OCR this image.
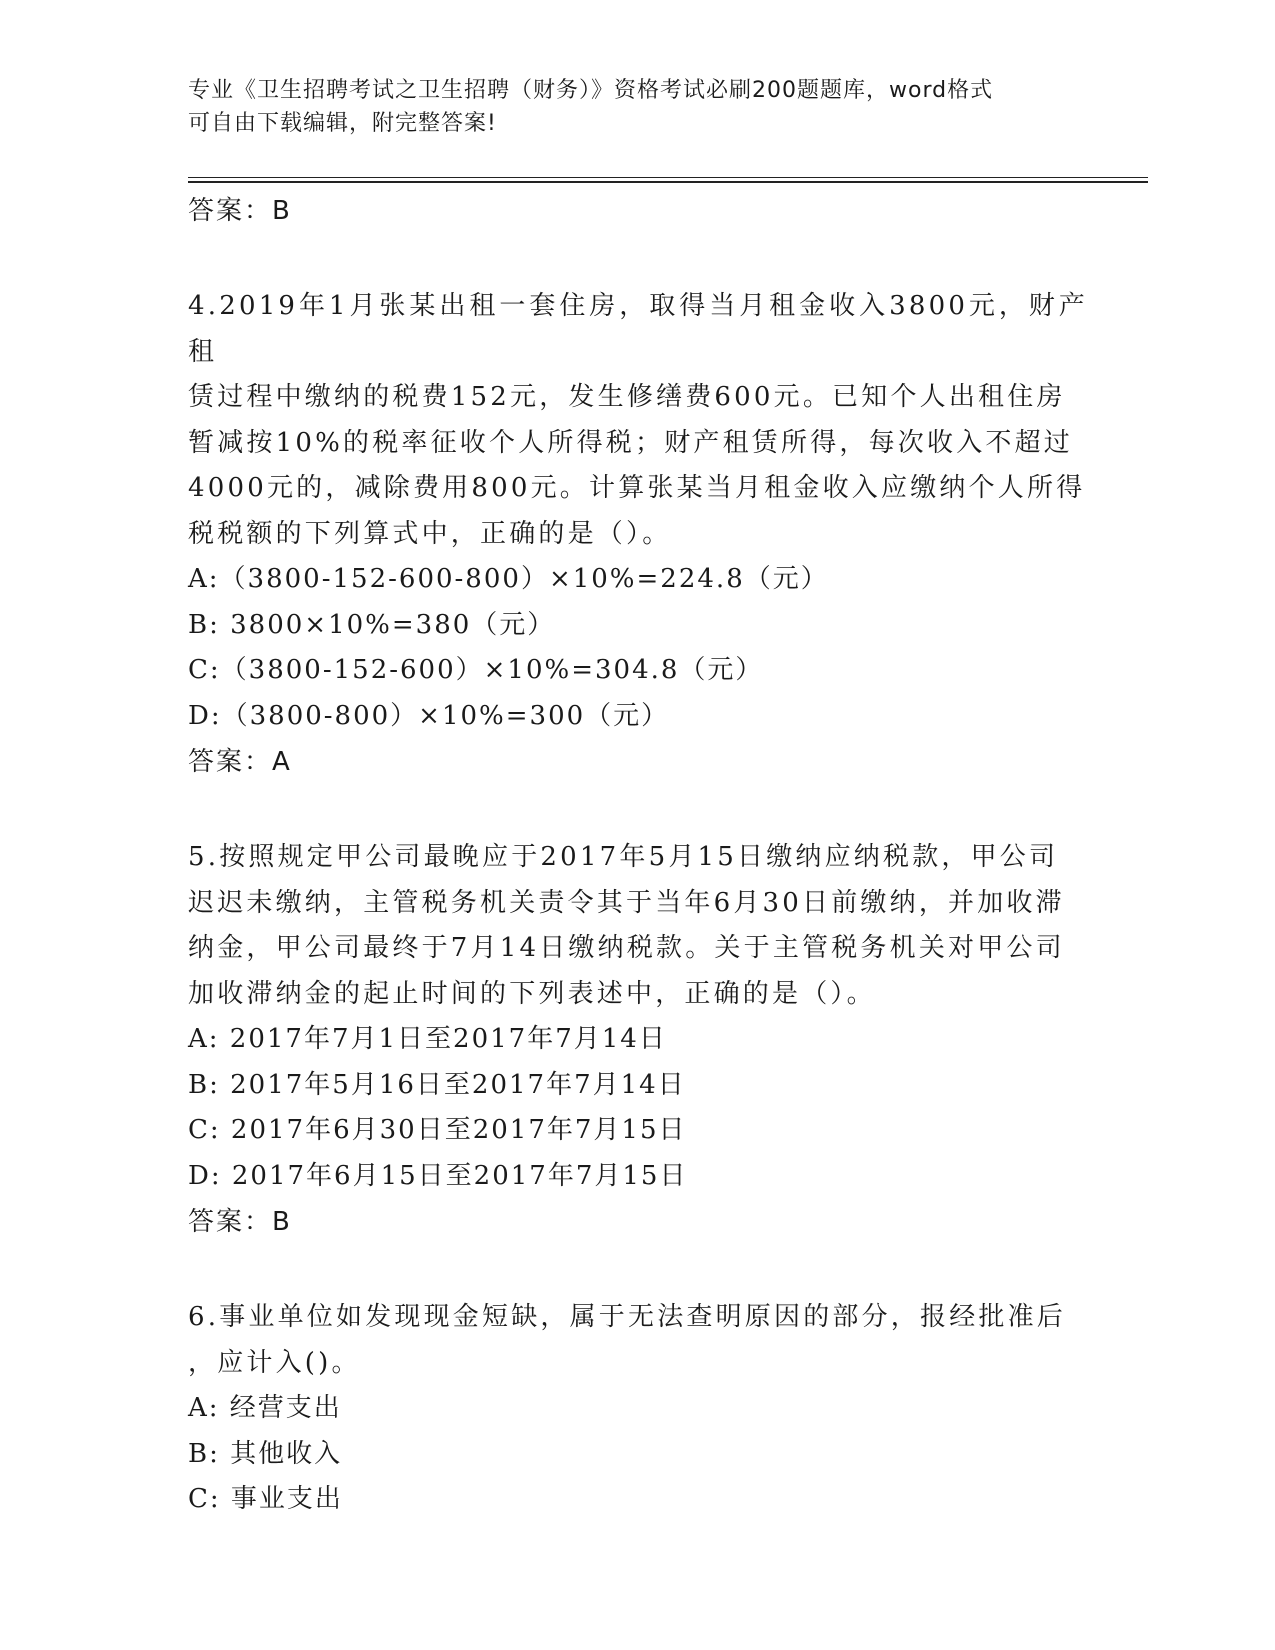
专业《卫生招聘考试之卫生招聘（财务）》资格考试必刷200题题库，word格式
可自由下载编辑，附完整答案!
答案：B
4.2019年1月张某出租一套住房，取得当月租金收入3800元，财产租
赁过程中缴纳的税费152元，发生修缮费600元。已知个人出租住房
暂减按10%的税率征收个人所得税；财产租赁所得，每次收入不超过
4000元的，减除费用800元。计算张某当月租金收入应缴纳个人所得
税税额的下列算式中，正确的是（）。
A:（3800-152-600-800）×10%=224.8（元）
B: 3800×10%=380（元）
C:（3800-152-600）×10%=304.8（元）
D:（3800-800）×10%=300（元）
答案：A
5.按照规定甲公司最晚应于2017年5月15日缴纳应纳税款，甲公司
迟迟未缴纳，主管税务机关责令其于当年6月30日前缴纳，并加收滞
纳金，甲公司最终于7月14日缴纳税款。关于主管税务机关对甲公司
加收滞纳金的起止时间的下列表述中，正确的是（）。
A: 2017年7月1日至2017年7月14日
B: 2017年5月16日至2017年7月14日
C: 2017年6月30日至2017年7月15日
D: 2017年6月15日至2017年7月15日
答案：B
6.事业单位如发现现金短缺，属于无法查明原因的部分，报经批准后
，应计入()。
A: 经营支出
B: 其他收入
C: 事业支出
